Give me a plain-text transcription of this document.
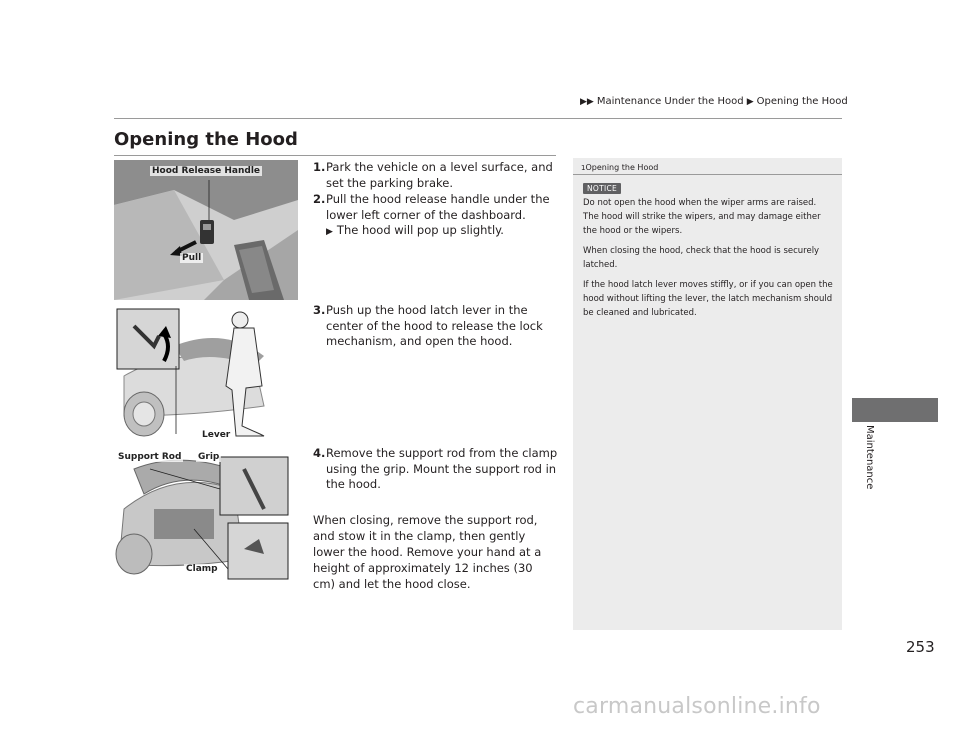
▶▶ Maintenance Under the Hood ▶ Opening the Hood
Opening the Hood
Hood Release Handle
Pull
Lever
Support Rod Grip
Clamp
1. Park the vehicle on a level surface, and set the parking brake.
2. Pull the hood release handle under the lower left corner of the dashboard.
▶ The hood will pop up slightly.
3. Push up the hood latch lever in the center of the hood to release the lock mechanism, and open the hood.
4. Remove the support rod from the clamp using the grip. Mount the support rod in the hood.
When closing, remove the support rod, and stow it in the clamp, then gently lower the hood. Remove your hand at a height of approximately 12 inches (30 cm) and let the hood close.
1Opening the Hood
NOTICE

Do not open the hood when the wiper arms are raised. The hood will strike the wipers, and may damage either the hood or the wipers.

When closing the hood, check that the hood is securely latched.

If the hood latch lever moves stiffly, or if you can open the hood without lifting the lever, the latch mechanism should be cleaned and lubricated.

Maintenance
253
carmanualsonline.info
